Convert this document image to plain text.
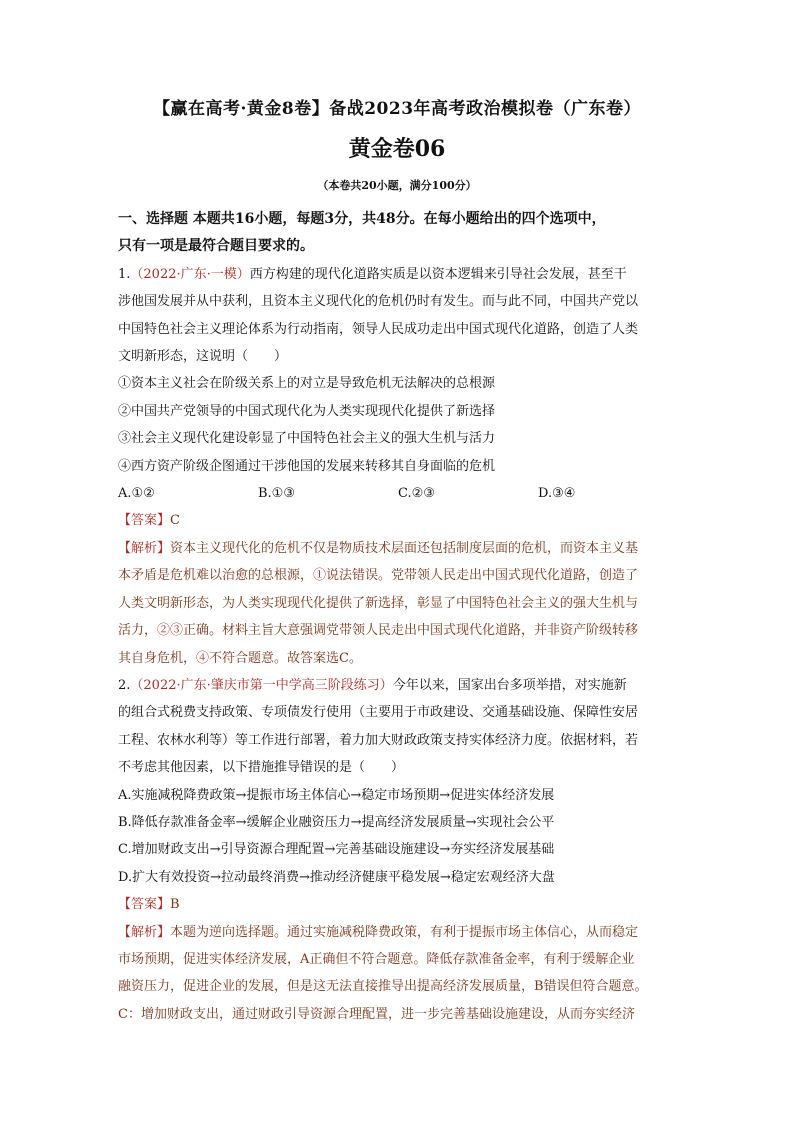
【赢在高考·黄金8卷】备战2023年高考政治模拟卷（广东卷）
黄金卷06
（本卷共20小题，满分100分）
一、选择题 本题共16小题，每题3分，共48分。在每小题给出的四个选项中，
只有一项是最符合题目要求的。
1.（2022·广东·一模）西方构建的现代化道路实质是以资本逻辑来引导社会发展，甚至干
涉他国发展并从中获利，且资本主义现代化的危机仍时有发生。而与此不同，中国共产党以
中国特色社会主义理论体系为行动指南，领导人民成功走出中国式现代化道路，创造了人类
文明新形态，这说明（　　）
①资本主义社会在阶级关系上的对立是导致危机无法解决的总根源
②中国共产党领导的中国式现代化为人类实现现代化提供了新选择
③社会主义现代化建设彰显了中国特色社会主义的强大生机与活力
④西方资产阶级企图通过干涉他国的发展来转移其自身面临的危机
A.①②	B.①③	C.②③	D.③④
【答案】C
【解析】资本主义现代化的危机不仅是物质技术层面还包括制度层面的危机，而资本主义基
本矛盾是危机难以治愈的总根源，①说法错误。党带领人民走出中国式现代化道路，创造了
人类文明新形态，为人类实现现代化提供了新选择，彰显了中国特色社会主义的强大生机与
活力，②③正确。材料主旨大意强调党带领人民走出中国式现代化道路，并非资产阶级转移
其自身危机，④不符合题意。故答案选C。
2.（2022·广东·肇庆市第一中学高三阶段练习）今年以来，国家出台多项举措，对实施新
的组合式税费支持政策、专项债发行使用（主要用于市政建设、交通基础设施、保障性安居
工程、农林水利等）等工作进行部署，着力加大财政政策支持实体经济力度。依据材料，若
不考虑其他因素，以下措施推导错误的是（　　）
A.实施减税降费政策→提振市场主体信心→稳定市场预期→促进实体经济发展
B.降低存款准备金率→缓解企业融资压力→提高经济发展质量→实现社会公平
C.增加财政支出→引导资源合理配置→完善基础设施建设→夯实经济发展基础
D.扩大有效投资→拉动最终消费→推动经济健康平稳发展→稳定宏观经济大盘
【答案】B
【解析】本题为逆向选择题。通过实施减税降费政策，有利于提振市场主体信心，从而稳定
市场预期，促进实体经济发展，A正确但不符合题意。降低存款准备金率，有利于缓解企业
融资压力，促进企业的发展，但是这无法直接推导出提高经济发展质量，B错误但符合题意。
C：增加财政支出，通过财政引导资源合理配置，进一步完善基础设施建设，从而夯实经济
